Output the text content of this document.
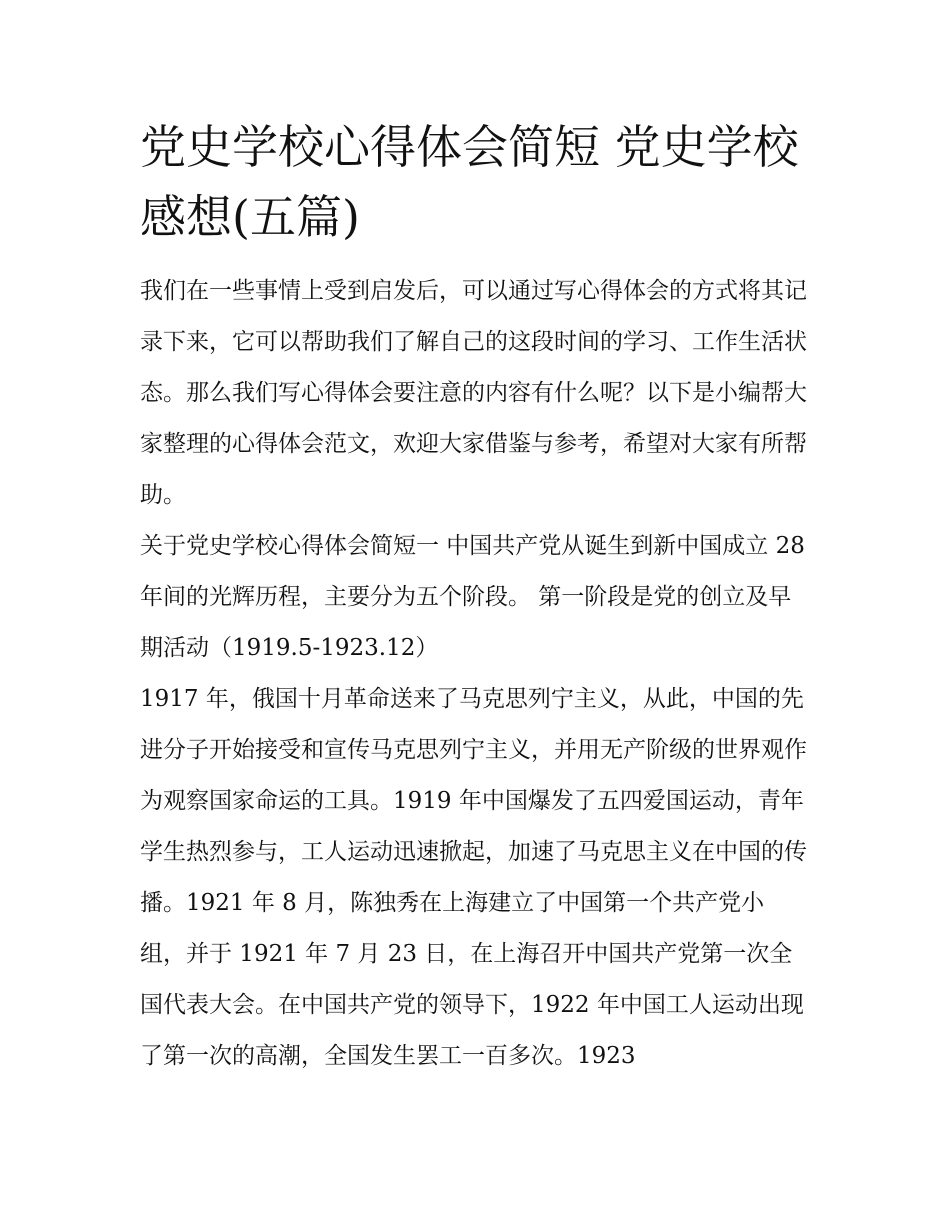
党史学校心得体会简短 党史学校感想(五篇)

我们在一些事情上受到启发后，可以通过写心得体会的方式将其记录下来，它可以帮助我们了解自己的这段时间的学习、工作生活状态。那么我们写心得体会要注意的内容有什么呢？以下是小编帮大家整理的心得体会范文，欢迎大家借鉴与参考，希望对大家有所帮助。

关于党史学校心得体会简短一 中国共产党从诞生到新中国成立 28 年间的光辉历程，主要分为五个阶段。 第一阶段是党的创立及早期活动（1919.5-1923.12）

1917 年，俄国十月革命送来了马克思列宁主义，从此，中国的先进分子开始接受和宣传马克思列宁主义，并用无产阶级的世界观作为观察国家命运的工具。1919 年中国爆发了五四爱国运动，青年学生热烈参与，工人运动迅速掀起，加速了马克思主义在中国的传播。1921 年 8 月，陈独秀在上海建立了中国第一个共产党小组，并于 1921 年 7 月 23 日，在上海召开中国共产党第一次全国代表大会。在中国共产党的领导下，1922 年中国工人运动出现了第一次的高潮，全国发生罢工一百多次。1923
